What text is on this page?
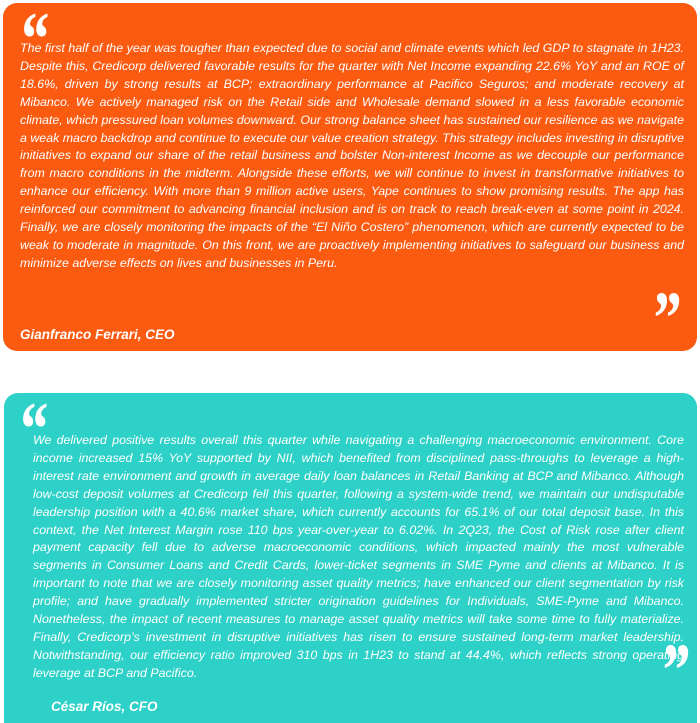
“

The first half of the year was tougher than expected due to social and climate events which led GDP to stagnate in 1H23. Despite this, Credicorp delivered favorable results for the quarter with Net Income expanding 22.6% YoY and an ROE of 18.6%, driven by strong results at BCP; extraordinary performance at Pacifico Seguros; and moderate recovery at Mibanco. We actively managed risk on the Retail side and Wholesale demand slowed in a less favorable economic climate, which pressured loan volumes downward. Our strong balance sheet has sustained our resilience as we navigate a weak macro backdrop and continue to execute our value creation strategy. This strategy includes investing in disruptive initiatives to expand our share of the retail business and bolster Non-interest Income as we decouple our performance from macro conditions in the midterm. Alongside these efforts, we will continue to invest in transformative initiatives to enhance our efficiency. With more than 9 million active users, Yape continues to show promising results. The app has reinforced our commitment to advancing financial inclusion and is on track to reach break-even at some point in 2024. Finally, we are closely monitoring the impacts of the “El Niño Costero” phenomenon, which are currently expected to be weak to moderate in magnitude. On this front, we are proactively implementing initiatives to safeguard our business and minimize adverse effects on lives and businesses in Peru.

”

Gianfranco Ferrari, CEO

“

We delivered positive results overall this quarter while navigating a challenging macroeconomic environment. Core income increased 15% YoY supported by NII, which benefited from disciplined pass-throughs to leverage a high-interest rate environment and growth in average daily loan balances in Retail Banking at BCP and Mibanco. Although low-cost deposit volumes at Credicorp fell this quarter, following a system-wide trend, we maintain our undisputable leadership position with a 40.6% market share, which currently accounts for 65.1% of our total deposit base. In this context, the Net Interest Margin rose 110 bps year-over-year to 6.02%. In 2Q23, the Cost of Risk rose after client payment capacity fell due to adverse macroeconomic conditions, which impacted mainly the most vulnerable segments in Consumer Loans and Credit Cards, lower-ticket segments in SME Pyme and clients at Mibanco. It is important to note that we are closely monitoring asset quality metrics; have enhanced our client segmentation by risk profile; and have gradually implemented stricter origination guidelines for Individuals, SME-Pyme and Mibanco. Nonetheless, the impact of recent measures to manage asset quality metrics will take some time to fully materialize. Finally, Credicorp’s investment in disruptive initiatives has risen to ensure sustained long-term market leadership. Notwithstanding, our efficiency ratio improved 310 bps in 1H23 to stand at 44.4%, which reflects strong operating leverage at BCP and Pacifico.	”

César Ríos, CFO
